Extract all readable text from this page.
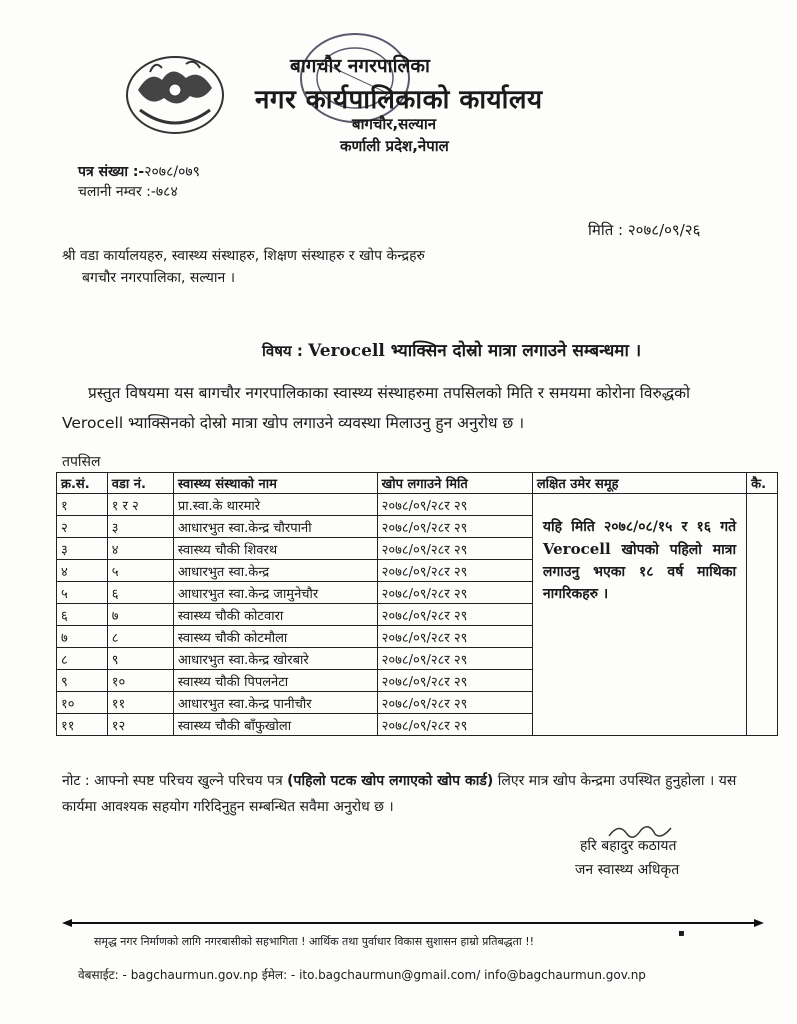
बागचौर नगरपालिका
नगर कार्यपालिकाको कार्यालय
बागचौर,सल्यान
कर्णाली प्रदेश,नेपाल
पत्र संख्या :-२०७८/०७९
चलानी नम्वर :-७८४
मिति : २०७८/०९/२६
श्री वडा कार्यालयहरु, स्वास्थ्य संस्थाहरु, शिक्षण संस्थाहरु र खोप केन्द्रहरु
बगचौर नगरपालिका, सल्यान ।
विषय : Verocell भ्याक्सिन दोस्रो मात्रा लगाउने सम्बन्धमा ।
प्रस्तुत विषयमा यस बागचौर नगरपालिकाका स्वास्थ्य संस्थाहरुमा तपसिलको मिति र समयमा कोरोना विरुद्धको Verocell भ्याक्सिनको दोस्रो मात्रा खोप लगाउने व्यवस्था मिलाउनु हुन अनुरोध छ ।
तपसिल
क्र.सं.	वडा नं.	स्वास्थ्य संस्थाको नाम	खोप लगाउने मिति	लक्षित उमेर समूह	कै.
१	१ र २	प्रा.स्वा.के थारमारे	२०७८/०९/२८र २९	यहि मिति २०७८/०८/१५ र १६ गते Verocell खोपको पहिलो मात्रा लगाउनु भएका १८ वर्ष माथिका नागरिकहरु ।	
२	३	आधारभुत स्वा.केन्द्र चौरपानी	२०७८/०९/२८र २९		
३	४	स्वास्थ्य चौकी शिवरथ	२०७८/०९/२८र २९		
४	५	आधारभुत स्वा.केन्द्र	२०७८/०९/२८र २९		
५	६	आधारभुत स्वा.केन्द्र जामुनेचौर	२०७८/०९/२८र २९		
६	७	स्वास्थ्य चौकी कोटवारा	२०७८/०९/२८र २९		
७	८	स्वास्थ्य चौकी कोटमौला	२०७८/०९/२८र २९		
८	९	आधारभुत स्वा.केन्द्र खोरबारे	२०७८/०९/२८र २९		
९	१०	स्वास्थ्य चौकी पिपलनेटा	२०७८/०९/२८र २९		
१०	११	आधारभुत स्वा.केन्द्र पानीचौर	२०७८/०९/२८र २९		
११	१२	स्वास्थ्य चौकी बाँफुखोला	२०७८/०९/२८र २९		
नोट : आफ्नो स्पष्ट परिचय खुल्ने परिचय पत्र (पहिलो पटक खोप लगाएको खोप कार्ड) लिएर मात्र खोप केन्द्रमा उपस्थित हुनुहोला । यस कार्यमा आवश्यक सहयोग गरिदिनुहुन सम्बन्धित सवैमा अनुरोध छ ।
हरि बहादुर कठायत
जन स्वास्थ्य अधिकृत
▪
समृद्ध नगर निर्माणको लागि नगरबासीको सहभागिता ! आर्थिक तथा पुर्वाधार विकास सुशासन हाम्रो प्रतिबद्धता !!
वेबसाईट: - bagchaurmun.gov.np ईमेल: - ito.bagchaurmun@gmail.com/ info@bagchaurmun.gov.np
